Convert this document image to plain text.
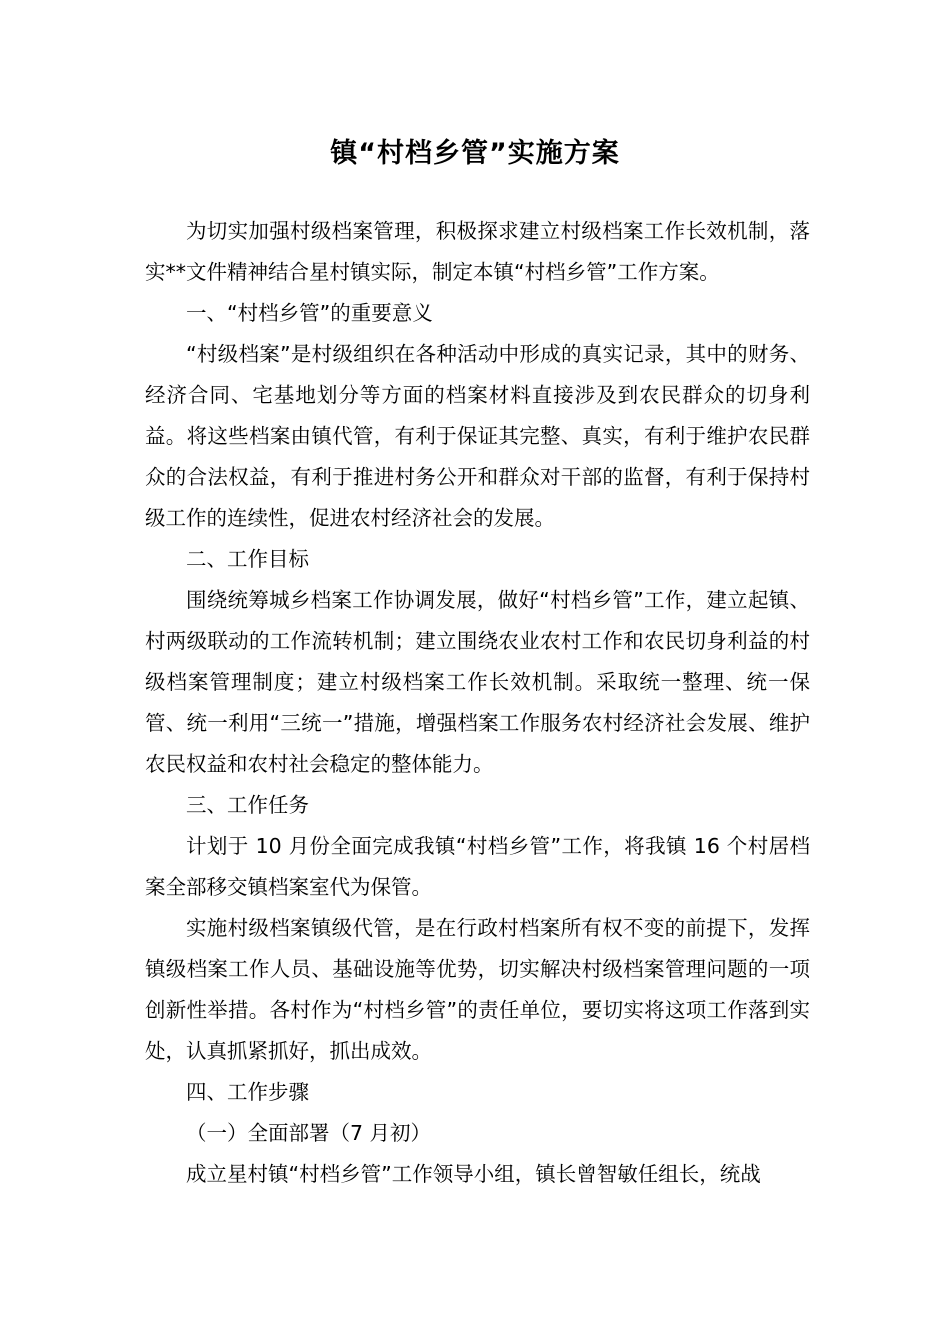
镇“村档乡管”实施方案

为切实加强村级档案管理，积极探求建立村级档案工作长效机制，落实**文件精神结合星村镇实际，制定本镇“村档乡管”工作方案。

一、“村档乡管”的重要意义

“村级档案”是村级组织在各种活动中形成的真实记录，其中的财务、经济合同、宅基地划分等方面的档案材料直接涉及到农民群众的切身利益。将这些档案由镇代管，有利于保证其完整、真实，有利于维护农民群众的合法权益，有利于推进村务公开和群众对干部的监督，有利于保持村级工作的连续性，促进农村经济社会的发展。

二、工作目标

围绕统筹城乡档案工作协调发展，做好“村档乡管”工作，建立起镇、村两级联动的工作流转机制；建立围绕农业农村工作和农民切身利益的村级档案管理制度；建立村级档案工作长效机制。采取统一整理、统一保管、统一利用“三统一”措施，增强档案工作服务农村经济社会发展、维护农民权益和农村社会稳定的整体能力。

三、工作任务

计划于 10 月份全面完成我镇“村档乡管”工作，将我镇 16 个村居档案全部移交镇档案室代为保管。

实施村级档案镇级代管，是在行政村档案所有权不变的前提下，发挥镇级档案工作人员、基础设施等优势，切实解决村级档案管理问题的一项创新性举措。各村作为“村档乡管”的责任单位，要切实将这项工作落到实处，认真抓紧抓好，抓出成效。

四、工作步骤

（一）全面部署（7 月初）

成立星村镇“村档乡管”工作领导小组，镇长曾智敏任组长，统战
